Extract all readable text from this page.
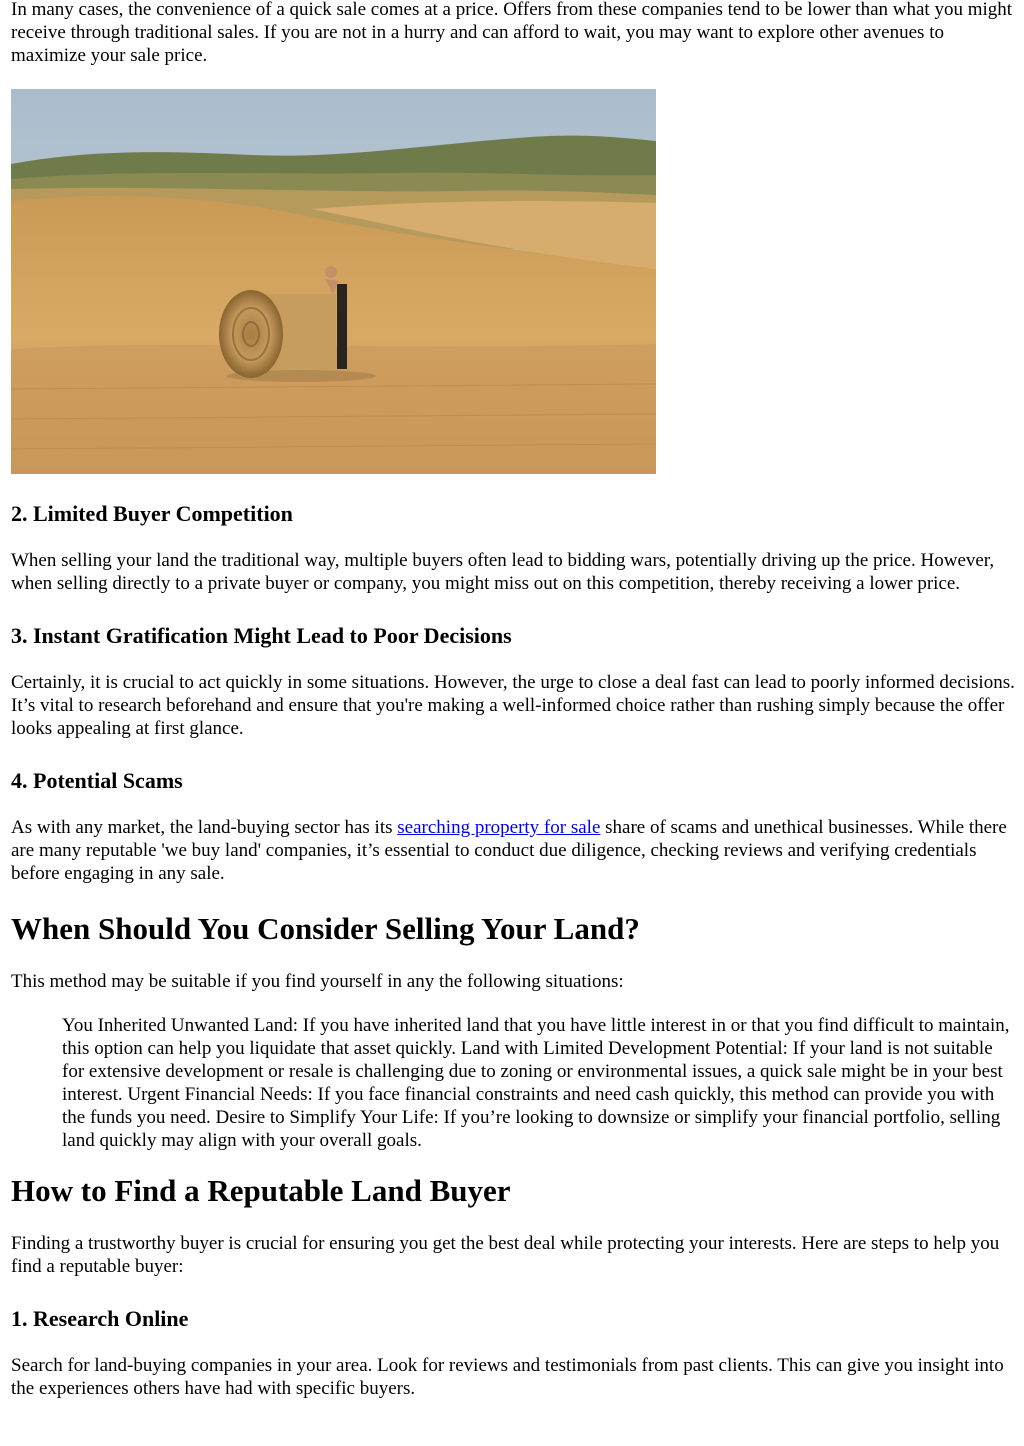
In many cases, the convenience of a quick sale comes at a price. Offers from these companies tend to be lower than what you might receive through traditional sales. If you are not in a hurry and can afford to wait, you may want to explore other avenues to maximize your sale price.

2. Limited Buyer Competition

When selling your land the traditional way, multiple buyers often lead to bidding wars, potentially driving up the price. However, when selling directly to a private buyer or company, you might miss out on this competition, thereby receiving a lower price.

3. Instant Gratification Might Lead to Poor Decisions

Certainly, it is crucial to act quickly in some situations. However, the urge to close a deal fast can lead to poorly informed decisions. It’s vital to research beforehand and ensure that you're making a well-informed choice rather than rushing simply because the offer looks appealing at first glance.

4. Potential Scams

As with any market, the land-buying sector has its searching property for sale share of scams and unethical businesses. While there are many reputable 'we buy land' companies, it’s essential to conduct due diligence, checking reviews and verifying credentials before engaging in any sale.

When Should You Consider Selling Your Land?

This method may be suitable if you find yourself in any the following situations:

You Inherited Unwanted Land: If you have inherited land that you have little interest in or that you find difficult to maintain, this option can help you liquidate that asset quickly. Land with Limited Development Potential: If your land is not suitable for extensive development or resale is challenging due to zoning or environmental issues, a quick sale might be in your best interest. Urgent Financial Needs: If you face financial constraints and need cash quickly, this method can provide you with the funds you need. Desire to Simplify Your Life: If you’re looking to downsize or simplify your financial portfolio, selling land quickly may align with your overall goals.
How to Find a Reputable Land Buyer

Finding a trustworthy buyer is crucial for ensuring you get the best deal while protecting your interests. Here are steps to help you find a reputable buyer:

1. Research Online

Search for land-buying companies in your area. Look for reviews and testimonials from past clients. This can give you insight into the experiences others have had with specific buyers.
